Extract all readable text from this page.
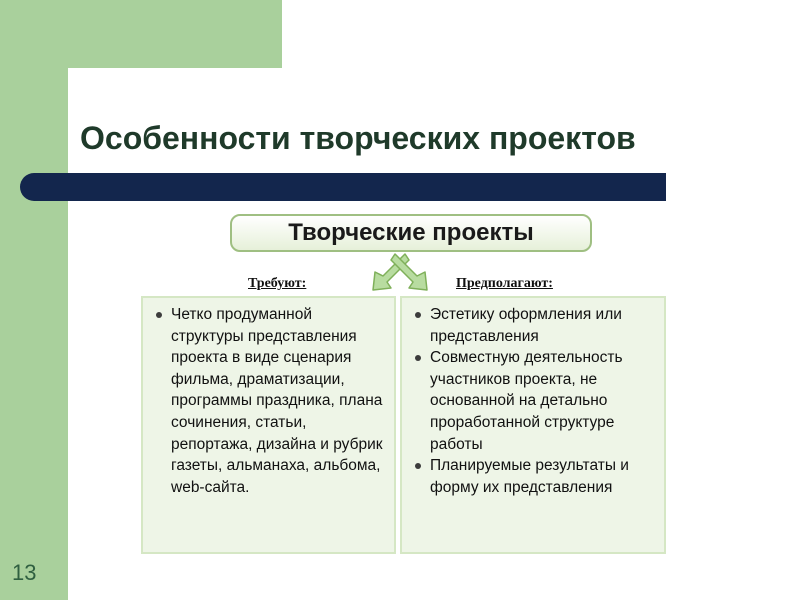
Особенности творческих проектов
Творческие проекты
Требуют:	Предполагают:
Четко продуманной структуры представления проекта в виде сценария фильма, драматизации, программы праздника, плана сочинения, статьи, репортажа, дизайна и рубрик газеты, альманаха, альбома, web-сайта.
Эстетику оформления или представления
Совместную деятельность участников проекта, не основанной на детально проработанной структуре работы
Планируемые результаты и форму их представления
13
